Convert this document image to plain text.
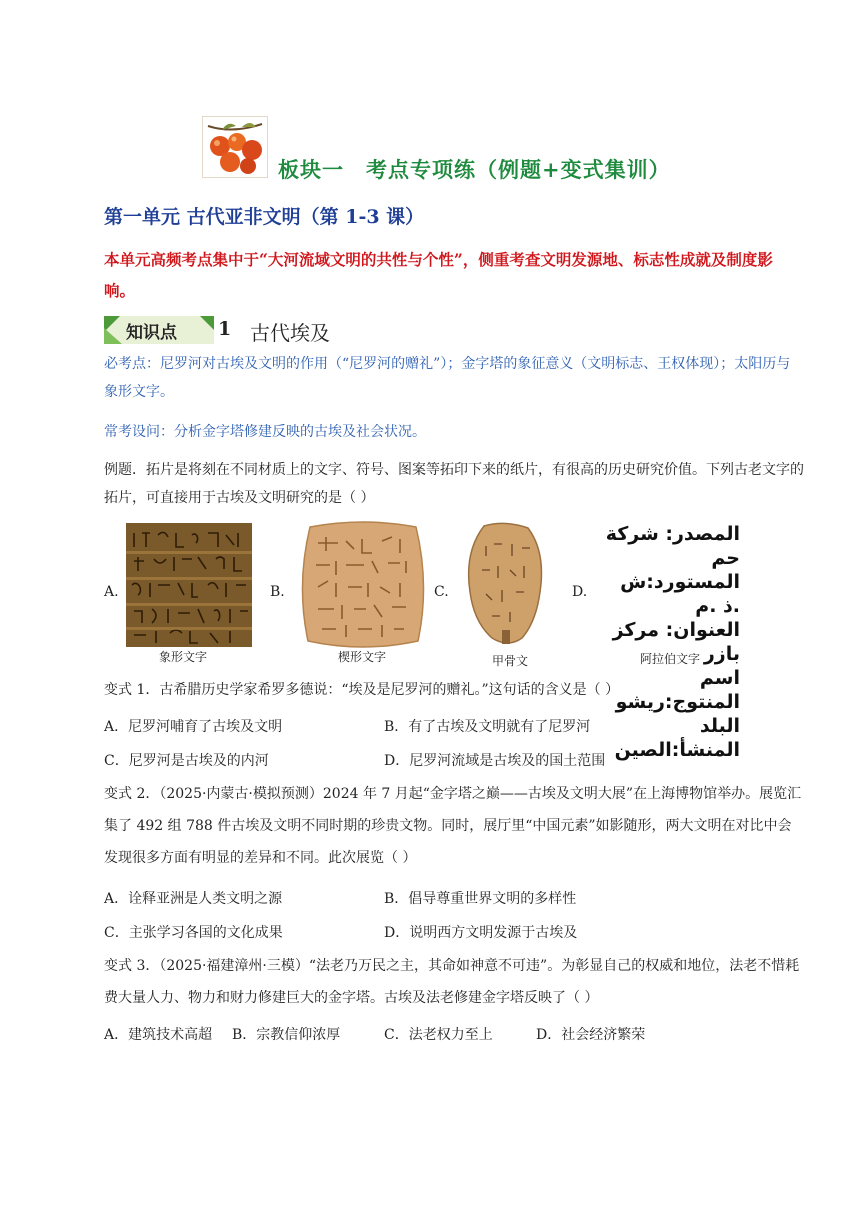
板块一　考点专项练（例题+变式集训）
第一单元 古代亚非文明（第 1-3 课）
本单元高频考点集中于“大河流域文明的共性与个性”，侧重考查文明发源地、标志性成就及制度影响。
知识点 1 古代埃及
必考点：尼罗河对古埃及文明的作用（“尼罗河的赠礼”）；金字塔的象征意义（文明标志、王权体现）；太阳历与象形文字。
常考设问：分析金字塔修建反映的古埃及社会状况。
例题．拓片是将刻在不同材质上的文字、符号、图案等拓印下来的纸片，有很高的历史研究价值。下列古老文字的拓片，可直接用于古埃及文明研究的是（ ）
A.
象形文字
B.
楔形文字
C.
甲骨文
D.
المصدر: شركة حم
المستورد:ش .ذ .م
العنوان: مركز بازر
اسم المنتوج:ريشو
البلد المنشأ:الصين
阿拉伯文字
变式 1．古希腊历史学家希罗多德说：“埃及是尼罗河的赠礼。”这句话的含义是（ ）
A．尼罗河哺育了古埃及文明	B．有了古埃及文明就有了尼罗河
C．尼罗河是古埃及的内河	D．尼罗河流域是古埃及的国土范围
变式 2．（2025·内蒙古·模拟预测）2024 年 7 月起“金字塔之巅——古埃及文明大展”在上海博物馆举办。展览汇集了 492 组 788 件古埃及文明不同时期的珍贵文物。同时，展厅里“中国元素”如影随形，两大文明在对比中会发现很多方面有明显的差异和不同。此次展览（ ）
A．诠释亚洲是人类文明之源	B．倡导尊重世界文明的多样性
C．主张学习各国的文化成果	D．说明西方文明发源于古埃及
变式 3．（2025·福建漳州·三模）“法老乃万民之主，其命如神意不可违”。为彰显自己的权威和地位，法老不惜耗费大量人力、物力和财力修建巨大的金字塔。古埃及法老修建金字塔反映了（ ）
A．建筑技术高超 B．宗教信仰浓厚	C．法老权力至上	D．社会经济繁荣
